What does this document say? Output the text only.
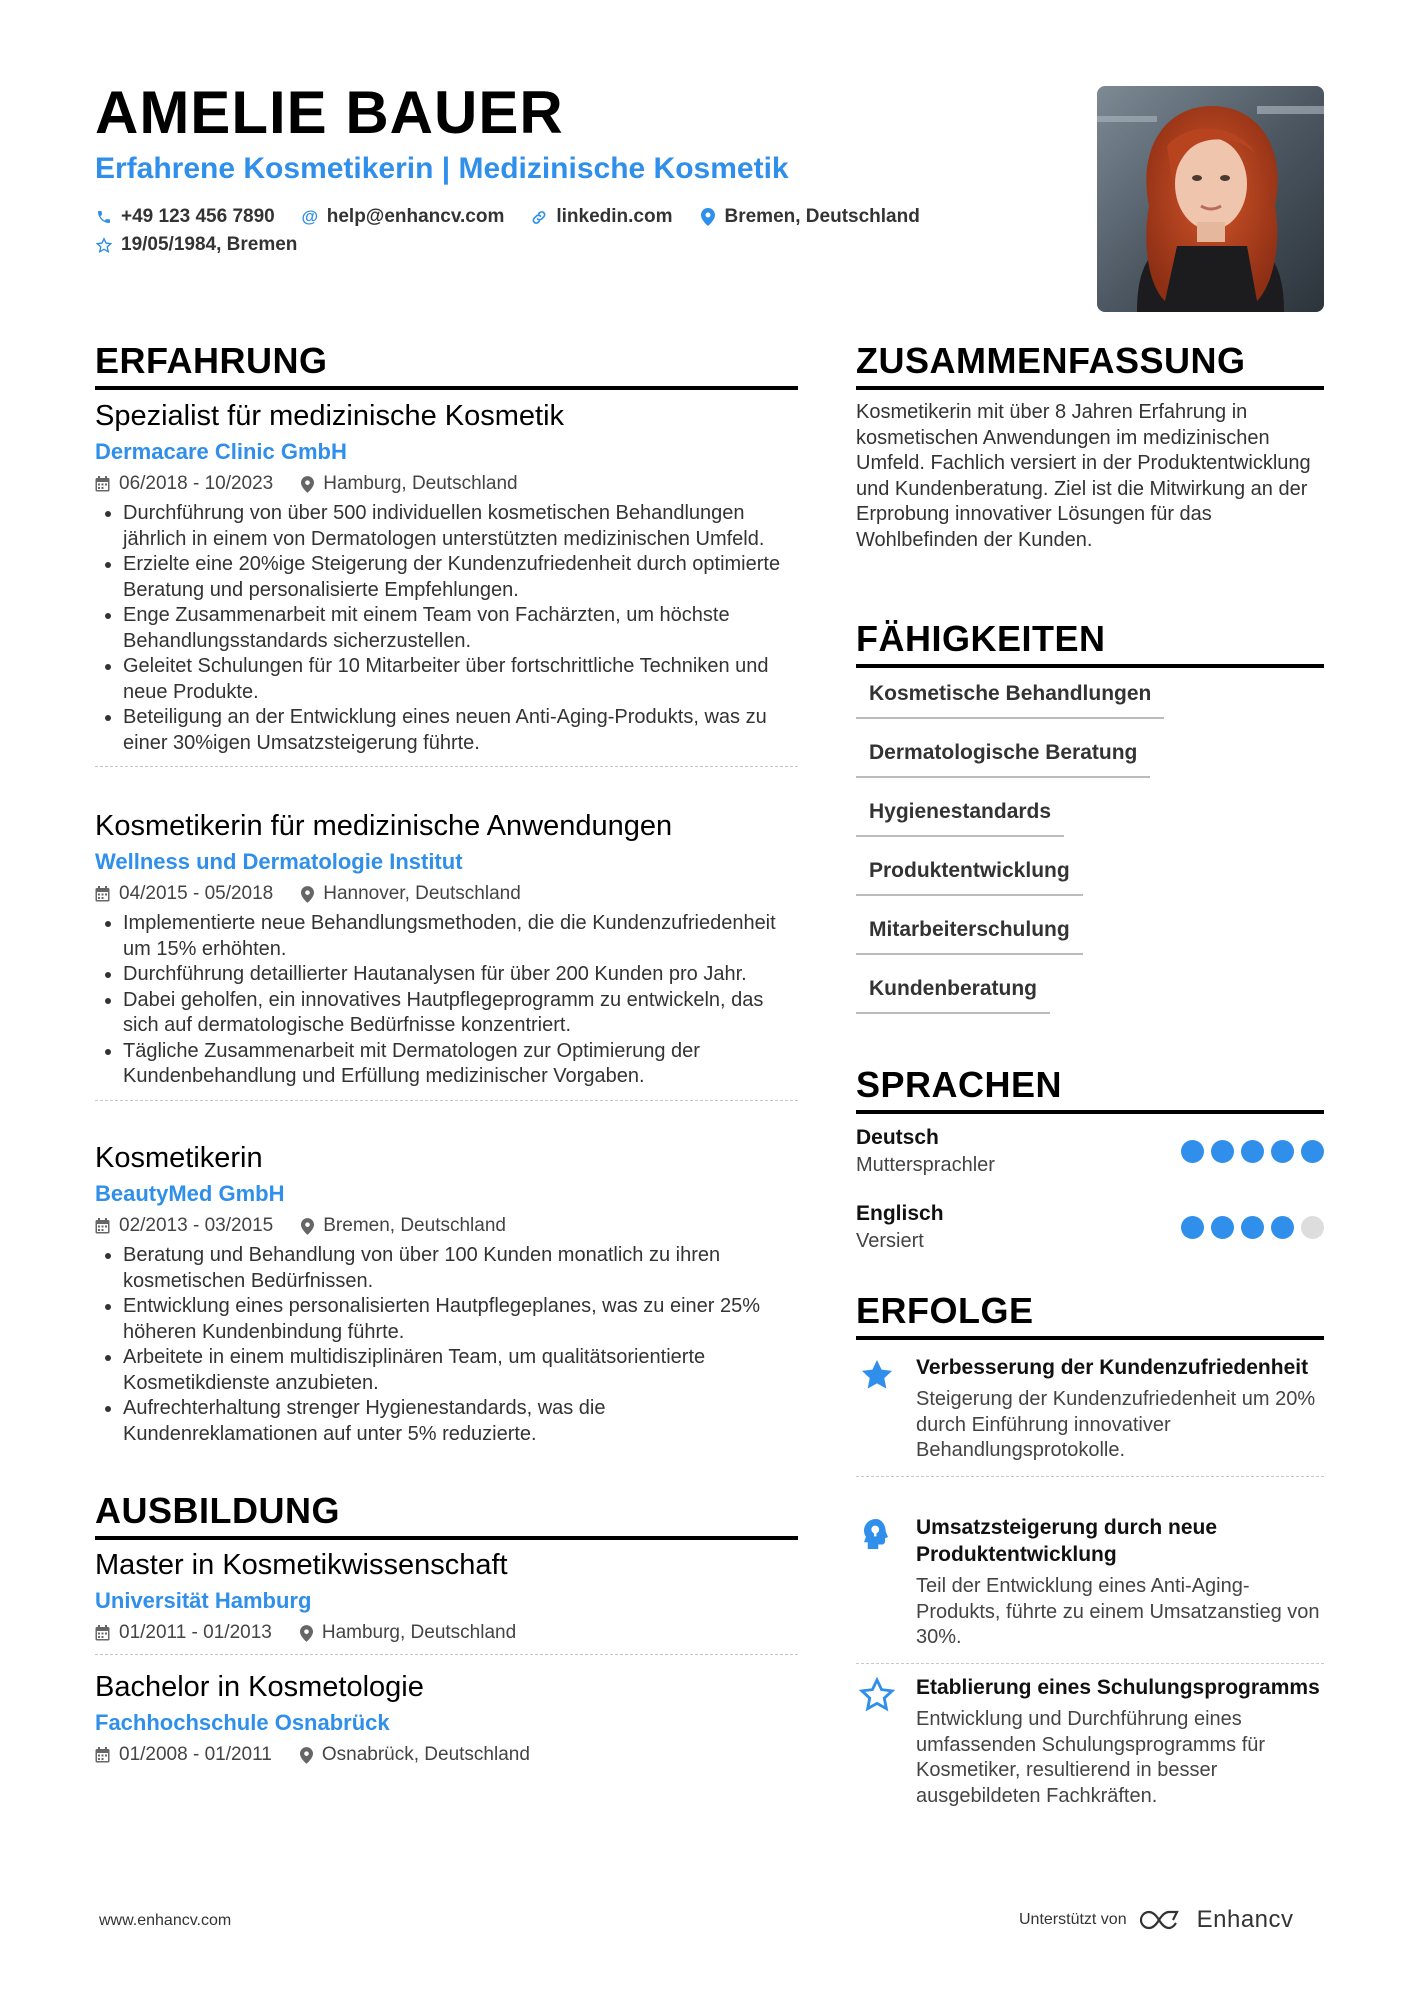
AMELIE BAUER
Erfahrene Kosmetikerin | Medizinische Kosmetik
+49 123 456 7890 @ help@enhancv.com	linkedin.com	Bremen, Deutschland
19/05/1984, Bremen
ERFAHRUNG
Spezialist für medizinische Kosmetik
Dermacare Clinic GmbH
06/2018 - 10/2023	Hamburg, Deutschland
• Durchführung von über 500 individuellen kosmetischen Behandlungen jährlich in einem von Dermatologen unterstützten medizinischen Umfeld.
• Erzielte eine 20%ige Steigerung der Kundenzufriedenheit durch optimierte Beratung und personalisierte Empfehlungen.
• Enge Zusammenarbeit mit einem Team von Fachärzten, um höchste Behandlungsstandards sicherzustellen.
• Geleitet Schulungen für 10 Mitarbeiter über fortschrittliche Techniken und neue Produkte.
• Beteiligung an der Entwicklung eines neuen Anti-Aging-Produkts, was zu einer 30%igen Umsatzsteigerung führte.
Kosmetikerin für medizinische Anwendungen
Wellness und Dermatologie Institut
04/2015 - 05/2018	Hannover, Deutschland
• Implementierte neue Behandlungsmethoden, die die Kundenzufriedenheit um 15% erhöhten.
• Durchführung detaillierter Hautanalysen für über 200 Kunden pro Jahr.
• Dabei geholfen, ein innovatives Hautpflegeprogramm zu entwickeln, das sich auf dermatologische Bedürfnisse konzentriert.
• Tägliche Zusammenarbeit mit Dermatologen zur Optimierung der Kundenbehandlung und Erfüllung medizinischer Vorgaben.
Kosmetikerin
BeautyMed GmbH
02/2013 - 03/2015	Bremen, Deutschland
• Beratung und Behandlung von über 100 Kunden monatlich zu ihren kosmetischen Bedürfnissen.
• Entwicklung eines personalisierten Hautpflegeplanes, was zu einer 25% höheren Kundenbindung führte.
• Arbeitete in einem multidisziplinären Team, um qualitätsorientierte Kosmetikdienste anzubieten.
• Aufrechterhaltung strenger Hygienestandards, was die Kundenreklamationen auf unter 5% reduzierte.
AUSBILDUNG
Master in Kosmetikwissenschaft
Universität Hamburg
01/2011 - 01/2013	Hamburg, Deutschland
Bachelor in Kosmetologie
Fachhochschule Osnabrück
01/2008 - 01/2011	Osnabrück, Deutschland
ZUSAMMENFASSUNG
Kosmetikerin mit über 8 Jahren Erfahrung in kosmetischen Anwendungen im medizinischen Umfeld. Fachlich versiert in der Produktentwicklung und Kundenberatung. Ziel ist die Mitwirkung an der Erprobung innovativer Lösungen für das Wohlbefinden der Kunden.
FÄHIGKEITEN
Kosmetische Behandlungen
Dermatologische Beratung
Hygienestandards
Produktentwicklung
Mitarbeiterschulung
Kundenberatung
SPRACHEN
Deutsch
Muttersprachler
Englisch
Versiert
ERFOLGE
Verbesserung der Kundenzufriedenheit
Steigerung der Kundenzufriedenheit um 20% durch Einführung innovativer Behandlungsprotokolle.
Umsatzsteigerung durch neue Produktentwicklung
Teil der Entwicklung eines Anti-Aging-Produkts, führte zu einem Umsatzanstieg von 30%.
Etablierung eines Schulungsprogramms
Entwicklung und Durchführung eines umfassenden Schulungsprogramms für Kosmetiker, resultierend in besser ausgebildeten Fachkräften.
www.enhancv.com	Unterstützt von	Enhancv
